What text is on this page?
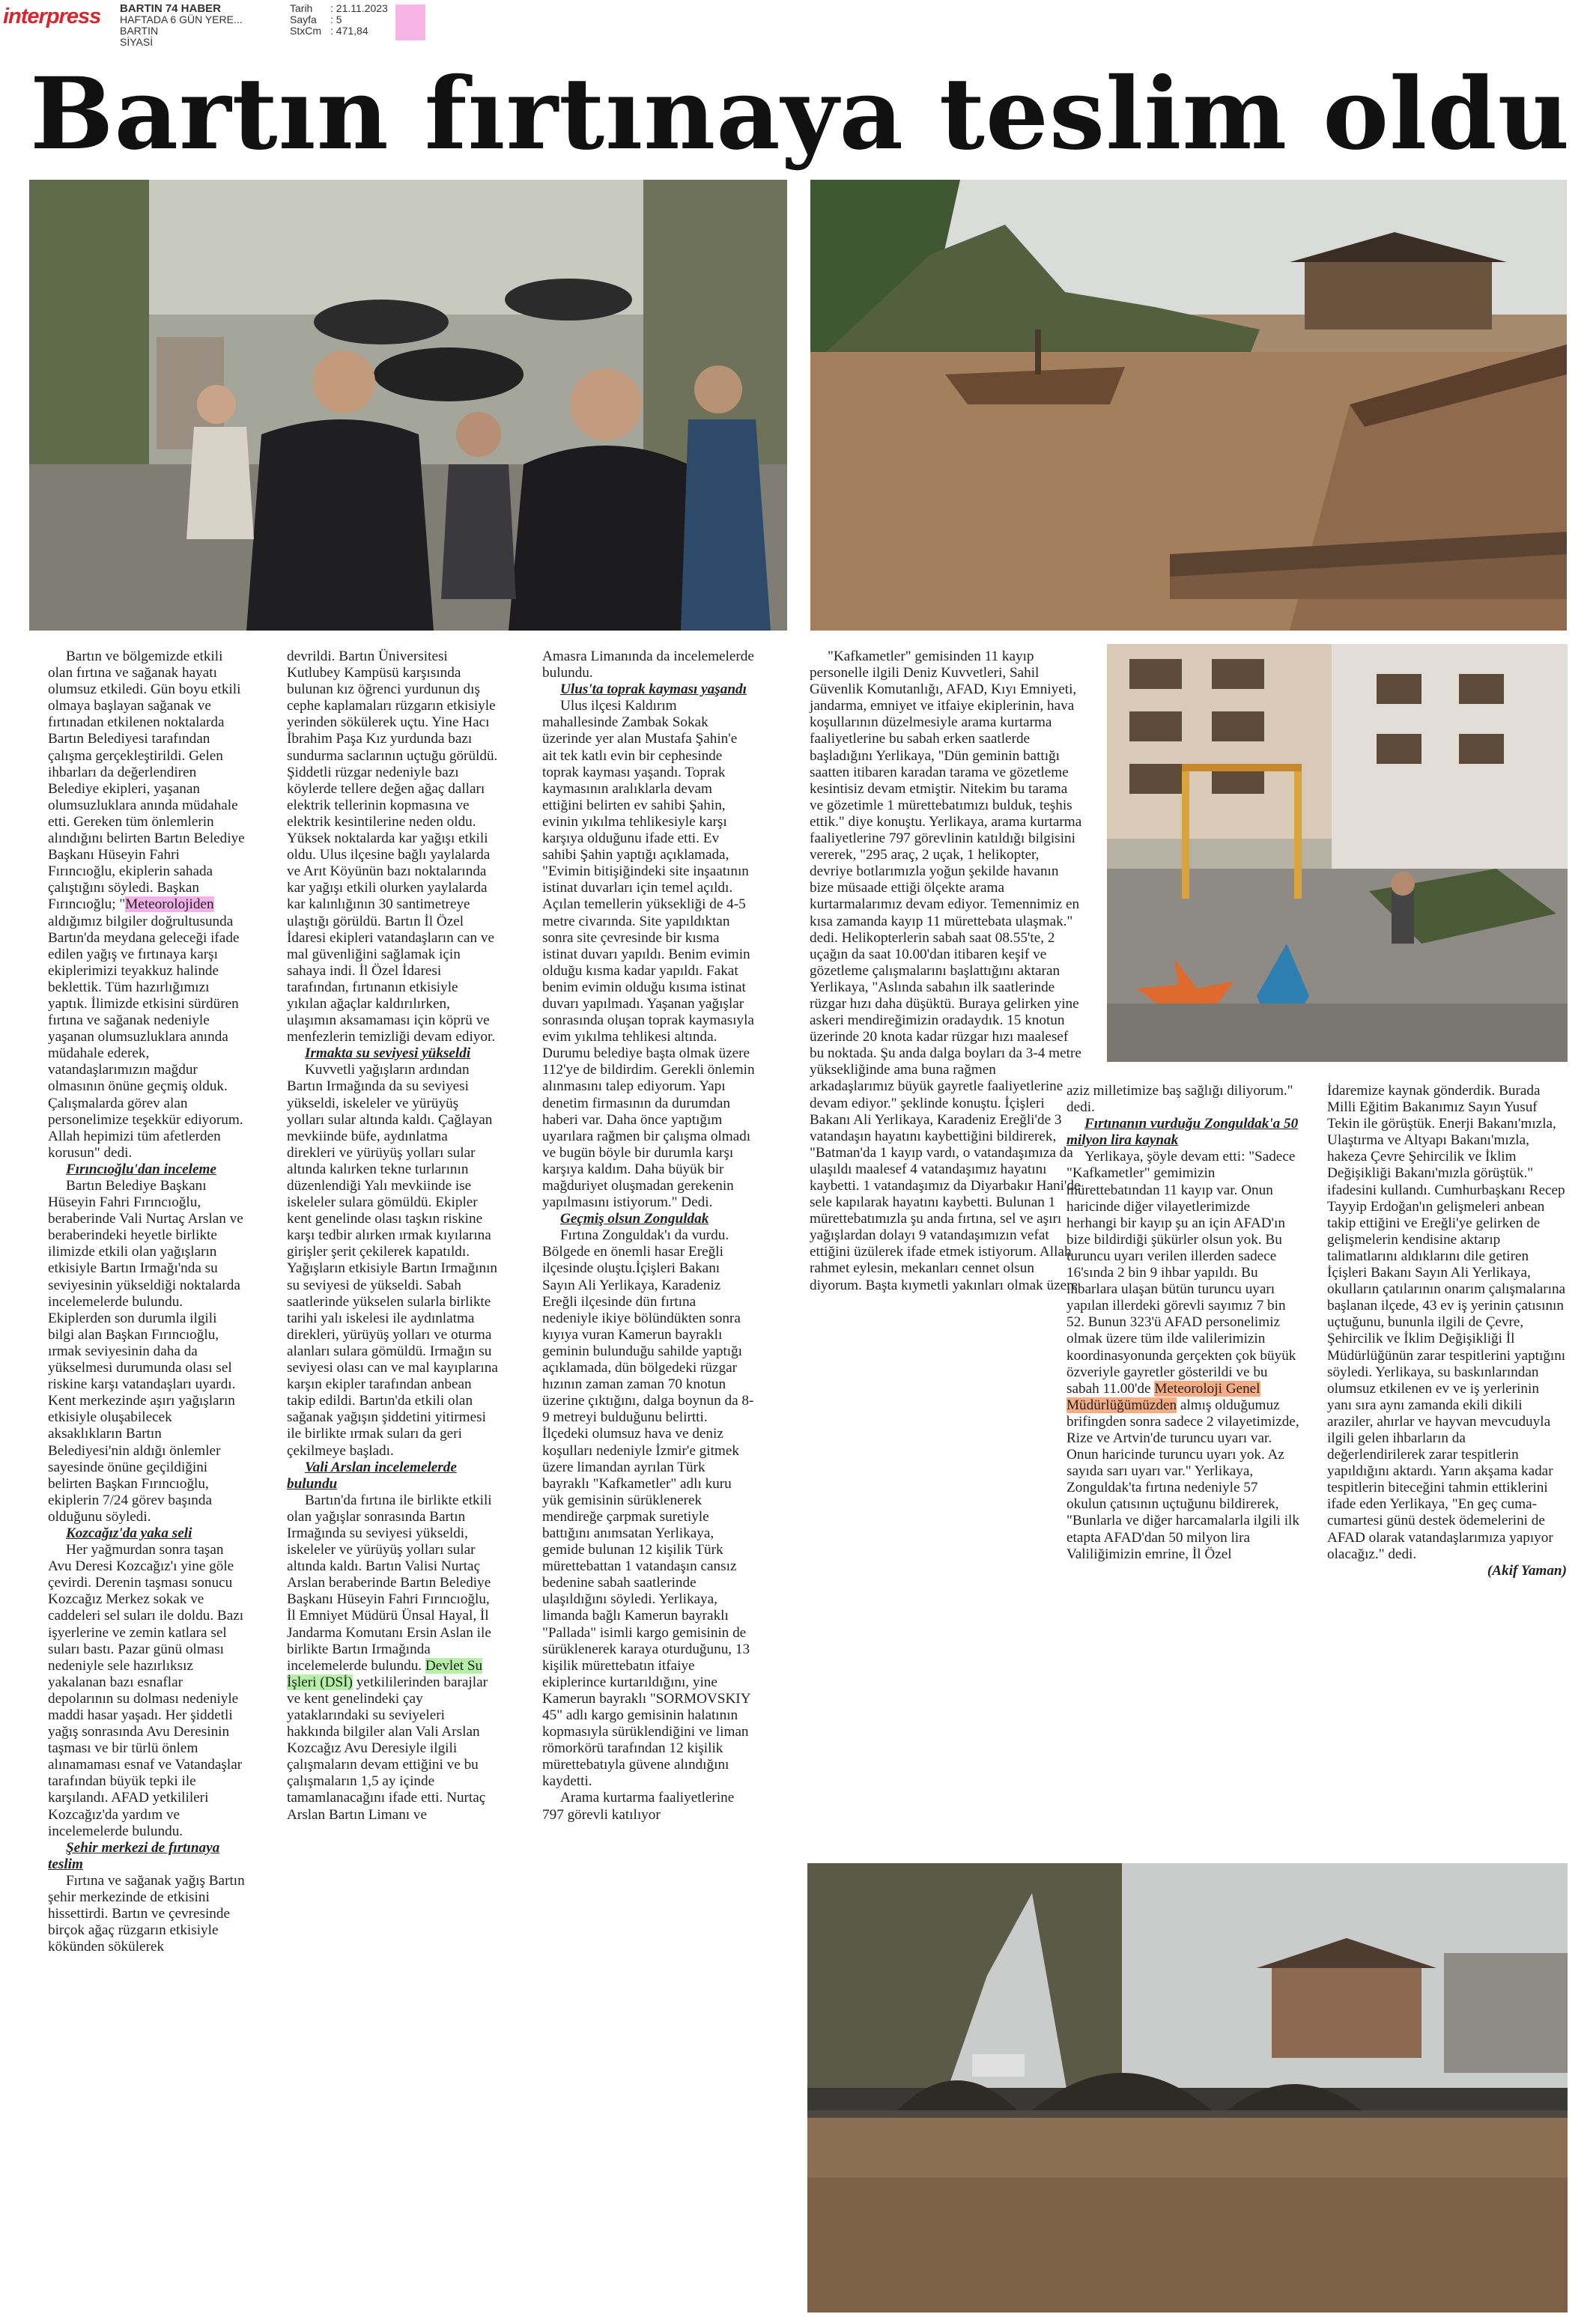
interpress BARTIN 74 HABER
HAFTADA 6 GÜN YERE...
BARTIN
SİYASİ
Tarih : 21.11.2023
Sayfa : 5
StxCm : 471,84
Bartın fırtınaya teslim oldu

Bartın ve bölgemizde etkili olan fırtına ve sağanak hayatı olumsuz etkiledi. Gün boyu etkili olmaya başlayan sağanak ve fırtınadan etkilenen noktalarda Bartın Belediyesi tarafından çalışma gerçekleştirildi. Gelen ihbarları da değerlendiren Belediye ekipleri, yaşanan olumsuzluklara anında müdahale etti. Gereken tüm önlemlerin alındığını belirten Bartın Belediye Başkanı Hüseyin Fahri Fırıncıoğlu, ekiplerin sahada çalıştığını söyledi. Başkan Fırıncıoğlu; "Meteorolojiden aldığımız bilgiler doğrultusunda Bartın'da meydana geleceği ifade edilen yağış ve fırtınaya karşı ekiplerimizi teyakkuz halinde beklettik. Tüm hazırlığımızı yaptık. İlimizde etkisini sürdüren fırtına ve sağanak nedeniyle yaşanan olumsuzluklara anında müdahale ederek, vatandaşlarımızın mağdur olmasının önüne geçmiş olduk. Çalışmalarda görev alan personelimize teşekkür ediyorum. Allah hepimizi tüm afetlerden korusun" dedi.

Fırıncıoğlu'dan inceleme

Bartın Belediye Başkanı Hüseyin Fahri Fırıncıoğlu, beraberinde Vali Nurtaç Arslan ve beraberindeki heyetle birlikte ilimizde etkili olan yağışların etkisiyle Bartın Irmağı'nda su seviyesinin yükseldiği noktalarda incelemelerde bulundu. Ekiplerden son durumla ilgili bilgi alan Başkan Fırıncıoğlu, ırmak seviyesinin daha da yükselmesi durumunda olası sel riskine karşı vatandaşları uyardı. Kent merkezinde aşırı yağışların etkisiyle oluşabilecek aksaklıkların Bartın Belediyesi'nin aldığı önlemler sayesinde önüne geçildiğini belirten Başkan Fırıncıoğlu, ekiplerin 7/24 görev başında olduğunu söyledi.

Kozcağız'da yaka seli

Her yağmurdan sonra taşan Avu Deresi Kozcağız'ı yine göle çevirdi. Derenin taşması sonucu Kozcağız Merkez sokak ve caddeleri sel suları ile doldu. Bazı işyerlerine ve zemin katlara sel suları bastı. Pazar günü olması nedeniyle sele hazırlıksız yakalanan bazı esnaflar depolarının su dolması nedeniyle maddi hasar yaşadı. Her şiddetli yağış sonrasında Avu Deresinin taşması ve bir türlü önlem alınamaması esnaf ve Vatandaşlar tarafından büyük tepki ile karşılandı. AFAD yetkilileri Kozcağız'da yardım ve incelemelerde bulundu.

Şehir merkezi de fırtınaya teslim

Fırtına ve sağanak yağış Bartın şehir merkezinde de etkisini hissettirdi. Bartın ve çevresinde birçok ağaç rüzgarın etkisiyle kökünden sökülerek

devrildi. Bartın Üniversitesi Kutlubey Kampüsü karşısında bulunan kız öğrenci yurdunun dış cephe kaplamaları rüzgarın etkisiyle yerinden sökülerek uçtu. Yine Hacı İbrahim Paşa Kız yurdunda bazı sundurma saclarının uçtuğu görüldü. Şiddetli rüzgar nedeniyle bazı köylerde tellere değen ağaç dalları elektrik tellerinin kopmasına ve elektrik kesintilerine neden oldu. Yüksek noktalarda kar yağışı etkili oldu. Ulus ilçesine bağlı yaylalarda ve Arıt Köyünün bazı noktalarında kar yağışı etkili olurken yaylalarda kar kalınlığının 30 santimetreye ulaştığı görüldü. Bartın İl Özel İdaresi ekipleri vatandaşların can ve mal güvenliğini sağlamak için sahaya indi. İl Özel İdaresi tarafından, fırtınanın etkisiyle yıkılan ağaçlar kaldırılırken, ulaşımın aksamaması için köprü ve menfezlerin temizliği devam ediyor.

Irmakta su seviyesi yükseldi

Kuvvetli yağışların ardından Bartın Irmağında da su seviyesi yükseldi, iskeleler ve yürüyüş yolları sular altında kaldı. Çağlayan mevkiinde büfe, aydınlatma direkleri ve yürüyüş yolları sular altında kalırken tekne turlarının düzenlendiği Yalı mevkiinde ise iskeleler sulara gömüldü. Ekipler kent genelinde olası taşkın riskine karşı tedbir alırken ırmak kıyılarına girişler şerit çekilerek kapatıldı. Yağışların etkisiyle Bartın Irmağının su seviyesi de yükseldi. Sabah saatlerinde yükselen sularla birlikte tarihi yalı iskelesi ile aydınlatma direkleri, yürüyüş yolları ve oturma alanları sulara gömüldü. Irmağın su seviyesi olası can ve mal kayıplarına karşın ekipler tarafından anbean takip edildi. Bartın'da etkili olan sağanak yağışın şiddetini yitirmesi ile birlikte ırmak suları da geri çekilmeye başladı.

Vali Arslan incelemelerde bulundu

Bartın'da fırtına ile birlikte etkili olan yağışlar sonrasında Bartın Irmağında su seviyesi yükseldi, iskeleler ve yürüyüş yolları sular altında kaldı. Bartın Valisi Nurtaç Arslan beraberinde Bartın Belediye Başkanı Hüseyin Fahri Fırıncıoğlu, İl Emniyet Müdürü Ünsal Hayal, İl Jandarma Komutanı Ersin Aslan ile birlikte Bartın Irmağında incelemelerde bulundu. Devlet Su İşleri (DSİ) yetkililerinden barajlar ve kent genelindeki çay yataklarındaki su seviyeleri hakkında bilgiler alan Vali Arslan Kozcağız Avu Deresiyle ilgili çalışmaların devam ettiğini ve bu çalışmaların 1,5 ay içinde tamamlanacağını ifade etti. Nurtaç Arslan Bartın Limanı ve

Amasra Limanında da incelemelerde bulundu.

Ulus'ta toprak kayması yaşandı

Ulus ilçesi Kaldırım mahallesinde Zambak Sokak üzerinde yer alan Mustafa Şahin'e ait tek katlı evin bir cephesinde toprak kayması yaşandı. Toprak kaymasının aralıklarla devam ettiğini belirten ev sahibi Şahin, evinin yıkılma tehlikesiyle karşı karşıya olduğunu ifade etti. Ev sahibi Şahin yaptığı açıklamada, "Evimin bitişiğindeki site inşaatının istinat duvarları için temel açıldı. Açılan temellerin yüksekliği de 4-5 metre civarında. Site yapıldıktan sonra site çevresinde bir kısma istinat duvarı yapıldı. Benim evimin olduğu kısma kadar yapıldı. Fakat benim evimin olduğu kısıma istinat duvarı yapılmadı. Yaşanan yağışlar sonrasında oluşan toprak kaymasıyla evim yıkılma tehlikesi altında. Durumu belediye başta olmak üzere 112'ye de bildirdim. Gerekli önlemin alınmasını talep ediyorum. Yapı denetim firmasının da durumdan haberi var. Daha önce yaptığım uyarılara rağmen bir çalışma olmadı ve bugün böyle bir durumla karşı karşıya kaldım. Daha büyük bir mağduriyet oluşmadan gerekenin yapılmasını istiyorum." Dedi.

Geçmiş olsun Zonguldak

Fırtına Zonguldak'ı da vurdu. Bölgede en önemli hasar Ereğli ilçesinde oluştu.İçişleri Bakanı Sayın Ali Yerlikaya, Karadeniz Ereğli ilçesinde dün fırtına nedeniyle ikiye bölündükten sonra kıyıya vuran Kamerun bayraklı geminin bulunduğu sahilde yaptığı açıklamada, dün bölgedeki rüzgar hızının zaman zaman 70 knotun üzerine çıktığını, dalga boynun da 8-9 metreyi bulduğunu belirtti. İlçedeki olumsuz hava ve deniz koşulları nedeniyle İzmir'e gitmek üzere limandan ayrılan Türk bayraklı "Kafkametler" adlı kuru yük gemisinin sürüklenerek mendireğe çarpmak suretiyle battığını anımsatan Yerlikaya, gemide bulunan 12 kişilik Türk mürettebattan 1 vatandaşın cansız bedenine sabah saatlerinde ulaşıldığını söyledi. Yerlikaya, limanda bağlı Kamerun bayraklı "Pallada" isimli kargo gemisinin de sürüklenerek karaya oturduğunu, 13 kişilik mürettebatın itfaiye ekiplerince kurtarıldığını, yine Kamerun bayraklı "SORMOVSKIY 45" adlı kargo gemisinin halatının kopmasıyla sürüklendiğini ve liman römorkörü tarafından 12 kişilik mürettebatıyla güvene alındığını kaydetti.

Arama kurtarma faaliyetlerine 797 görevli katılıyor

"Kafkametler" gemisinden 11 kayıp personelle ilgili Deniz Kuvvetleri, Sahil Güvenlik Komutanlığı, AFAD, Kıyı Emniyeti, jandarma, emniyet ve itfaiye ekiplerinin, hava koşullarının düzelmesiyle arama kurtarma faaliyetlerine bu sabah erken saatlerde başladığını Yerlikaya, "Dün geminin battığı saatten itibaren karadan tarama ve gözetleme kesintisiz devam etmiştir. Nitekim bu tarama ve gözetimle 1 mürettebatımızı bulduk, teşhis ettik." diye konuştu. Yerlikaya, arama kurtarma faaliyetlerine 797 görevlinin katıldığı bilgisini vererek, "295 araç, 2 uçak, 1 helikopter, devriye botlarımızla yoğun şekilde havanın bize müsaade ettiği ölçekte arama kurtarmalarımız devam ediyor. Temennimiz en kısa zamanda kayıp 11 mürettebata ulaşmak." dedi. Helikopterlerin sabah saat 08.55'te, 2 uçağın da saat 10.00'dan itibaren keşif ve gözetleme çalışmalarını başlattığını aktaran Yerlikaya, "Aslında sabahın ilk saatlerinde rüzgar hızı daha düşüktü. Buraya gelirken yine askeri mendireğimizin oradaydık. 15 knotun üzerinde 20 knota kadar rüzgar hızı maalesef bu noktada. Şu anda dalga boyları da 3-4 metre yüksekliğinde ama buna rağmen arkadaşlarımız büyük gayretle faaliyetlerine devam ediyor." şeklinde konuştu. İçişleri Bakanı Ali Yerlikaya, Karadeniz Ereğli'de 3 vatandaşın hayatını kaybettiğini bildirerek, "Batman'da 1 kayıp vardı, o vatandaşımıza da ulaşıldı maalesef 4 vatandaşımız hayatını kaybetti. 1 vatandaşımız da Diyarbakır Hani'de sele kapılarak hayatını kaybetti. Bulunan 1 mürettebatımızla şu anda fırtına, sel ve aşırı yağışlardan dolayı 9 vatandaşımızın vefat ettiğini üzülerek ifade etmek istiyorum. Allah rahmet eylesin, mekanları cennet olsun diyorum. Başta kıymetli yakınları olmak üzere

aziz milletimize baş sağlığı diliyorum." dedi.

Fırtınanın vurduğu Zonguldak'a 50 milyon lira kaynak

Yerlikaya, şöyle devam etti: "Sadece "Kafkametler" gemimizin mürettebatından 11 kayıp var. Onun haricinde diğer vilayetlerimizde herhangi bir kayıp şu an için AFAD'ın bize bildirdiği şükürler olsun yok. Bu turuncu uyarı verilen illerden sadece 16'sında 2 bin 9 ihbar yapıldı. Bu ihbarlara ulaşan bütün turuncu uyarı yapılan illerdeki görevli sayımız 7 bin 52. Bunun 323'ü AFAD personelimiz olmak üzere tüm ilde valilerimizin koordinasyonunda gerçekten çok büyük özveriyle gayretler gösterildi ve bu sabah 11.00'de Meteoroloji Genel Müdürlüğümüzden almış olduğumuz brifingden sonra sadece 2 vilayetimizde, Rize ve Artvin'de turuncu uyarı var. Onun haricinde turuncu uyarı yok. Az sayıda sarı uyarı var." Yerlikaya, Zonguldak'ta fırtına nedeniyle 57 okulun çatısının uçtuğunu bildirerek, "Bunlarla ve diğer harcamalarla ilgili ilk etapta AFAD'dan 50 milyon lira Valiliğimizin emrine, İl Özel

İdaremize kaynak gönderdik. Burada Milli Eğitim Bakanımız Sayın Yusuf Tekin ile görüştük. Enerji Bakanı'mızla, Ulaştırma ve Altyapı Bakanı'mızla, hakeza Çevre Şehircilik ve İklim Değişikliği Bakanı'mızla görüştük." ifadesini kullandı. Cumhurbaşkanı Recep Tayyip Erdoğan'ın gelişmeleri anbean takip ettiğini ve Ereğli'ye gelirken de gelişmelerin kendisine aktarıp talimatlarını aldıklarını dile getiren İçişleri Bakanı Sayın Ali Yerlikaya, okulların çatılarının onarım çalışmalarına başlanan ilçede, 43 ev iş yerinin çatısının uçtuğunu, bununla ilgili de Çevre, Şehircilik ve İklim Değişikliği İl Müdürlüğünün zarar tespitlerini yaptığını söyledi. Yerlikaya, su baskınlarından olumsuz etkilenen ev ve iş yerlerinin yanı sıra aynı zamanda ekili dikili araziler, ahırlar ve hayvan mevcuduyla ilgili gelen ihbarların da değerlendirilerek zarar tespitlerin yapıldığını aktardı. Yarın akşama kadar tespitlerin biteceğini tahmin ettiklerini ifade eden Yerlikaya, "En geç cuma-cumartesi günü destek ödemelerini de AFAD olarak vatandaşlarımıza yapıyor olacağız." dedi.

(Akif Yaman)
